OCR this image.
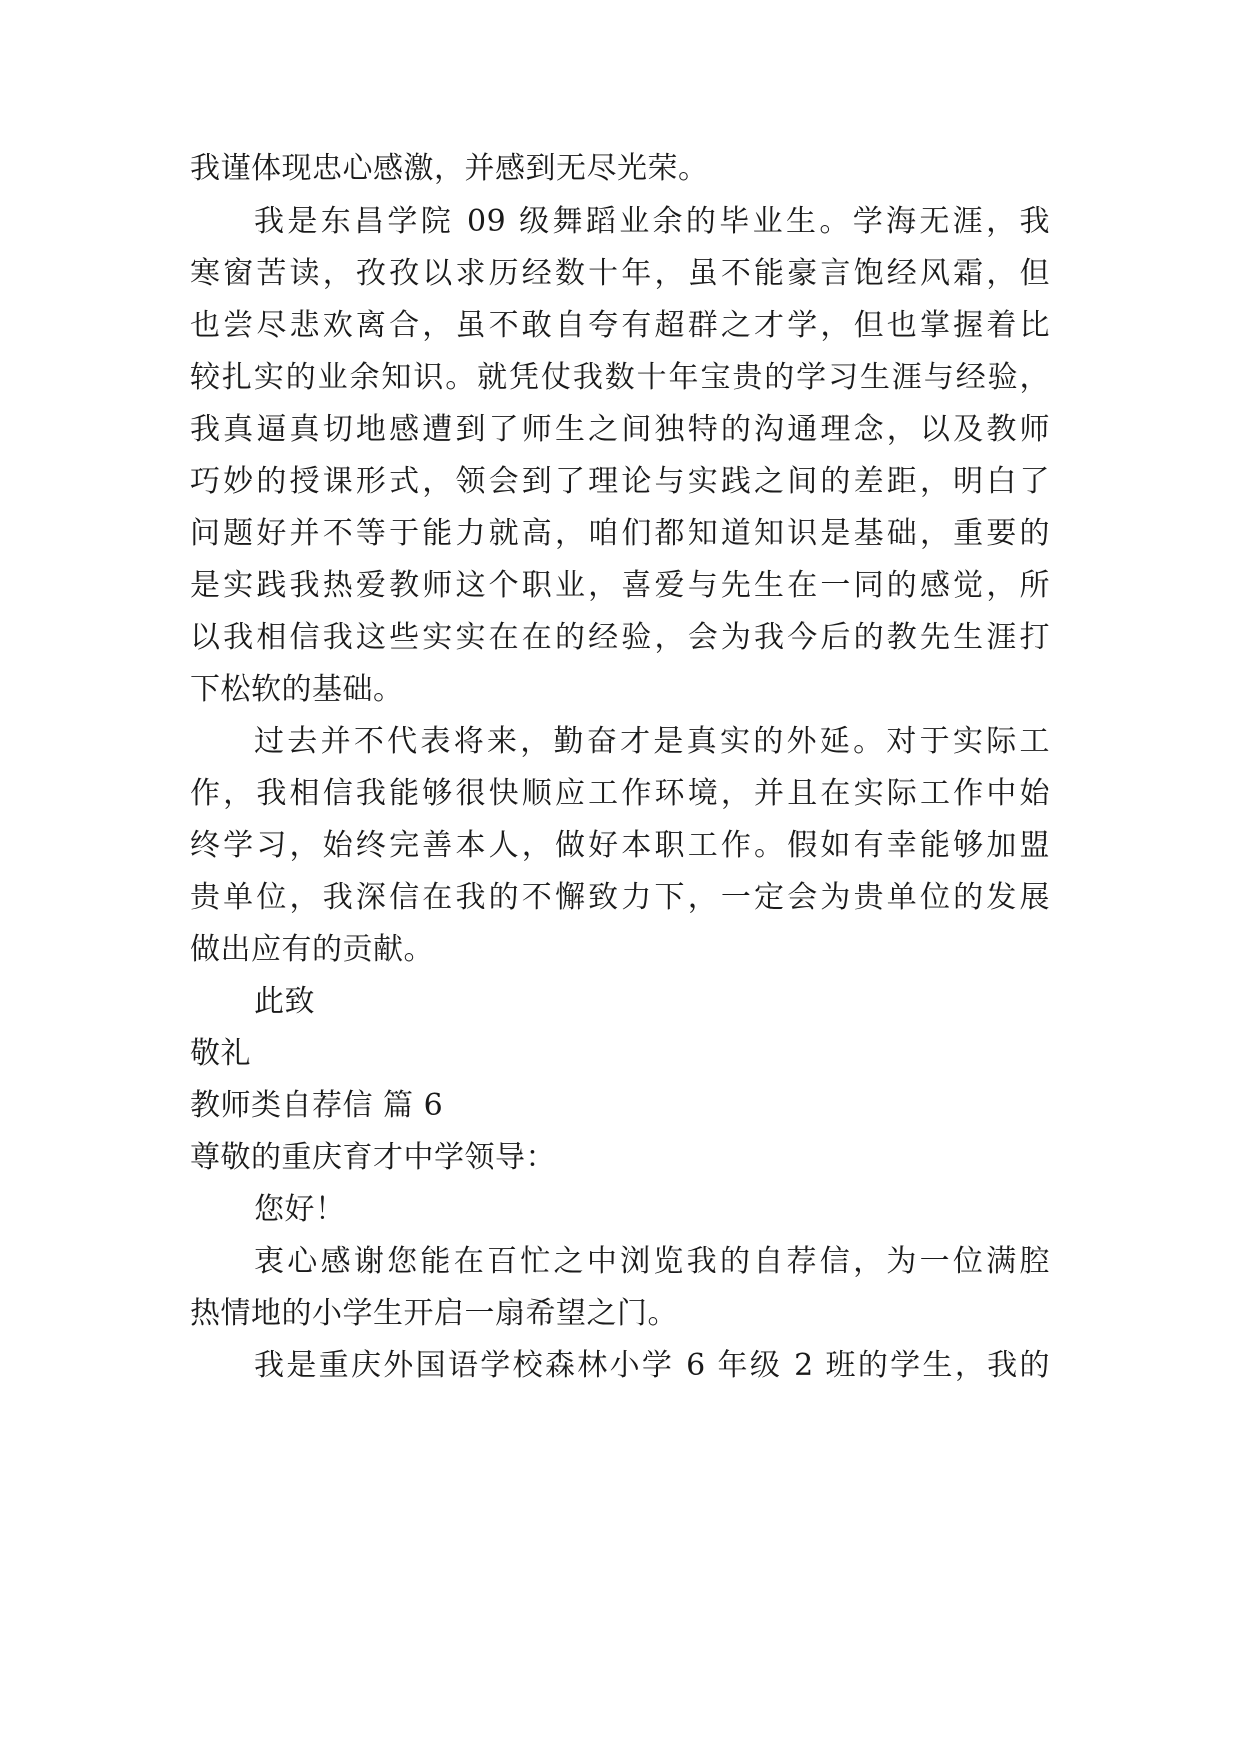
我谨体现忠心感激，并感到无尽光荣。
我是东昌学院 09 级舞蹈业余的毕业生。学海无涯，我
寒窗苦读，孜孜以求历经数十年，虽不能豪言饱经风霜，但
也尝尽悲欢离合，虽不敢自夸有超群之才学，但也掌握着比
较扎实的业余知识。就凭仗我数十年宝贵的学习生涯与经验，
我真逼真切地感遭到了师生之间独特的沟通理念，以及教师
巧妙的授课形式，领会到了理论与实践之间的差距，明白了
问题好并不等于能力就高，咱们都知道知识是基础，重要的
是实践我热爱教师这个职业，喜爱与先生在一同的感觉，所
以我相信我这些实实在在的经验，会为我今后的教先生涯打
下松软的基础。
过去并不代表将来，勤奋才是真实的外延。对于实际工
作，我相信我能够很快顺应工作环境，并且在实际工作中始
终学习，始终完善本人，做好本职工作。假如有幸能够加盟
贵单位，我深信在我的不懈致力下，一定会为贵单位的发展
做出应有的贡献。
此致
敬礼
教师类自荐信 篇 6
尊敬的重庆育才中学领导：
您好！
衷心感谢您能在百忙之中浏览我的自荐信，为一位满腔
热情地的小学生开启一扇希望之门。
我是重庆外国语学校森林小学 6 年级 2 班的学生，我的
